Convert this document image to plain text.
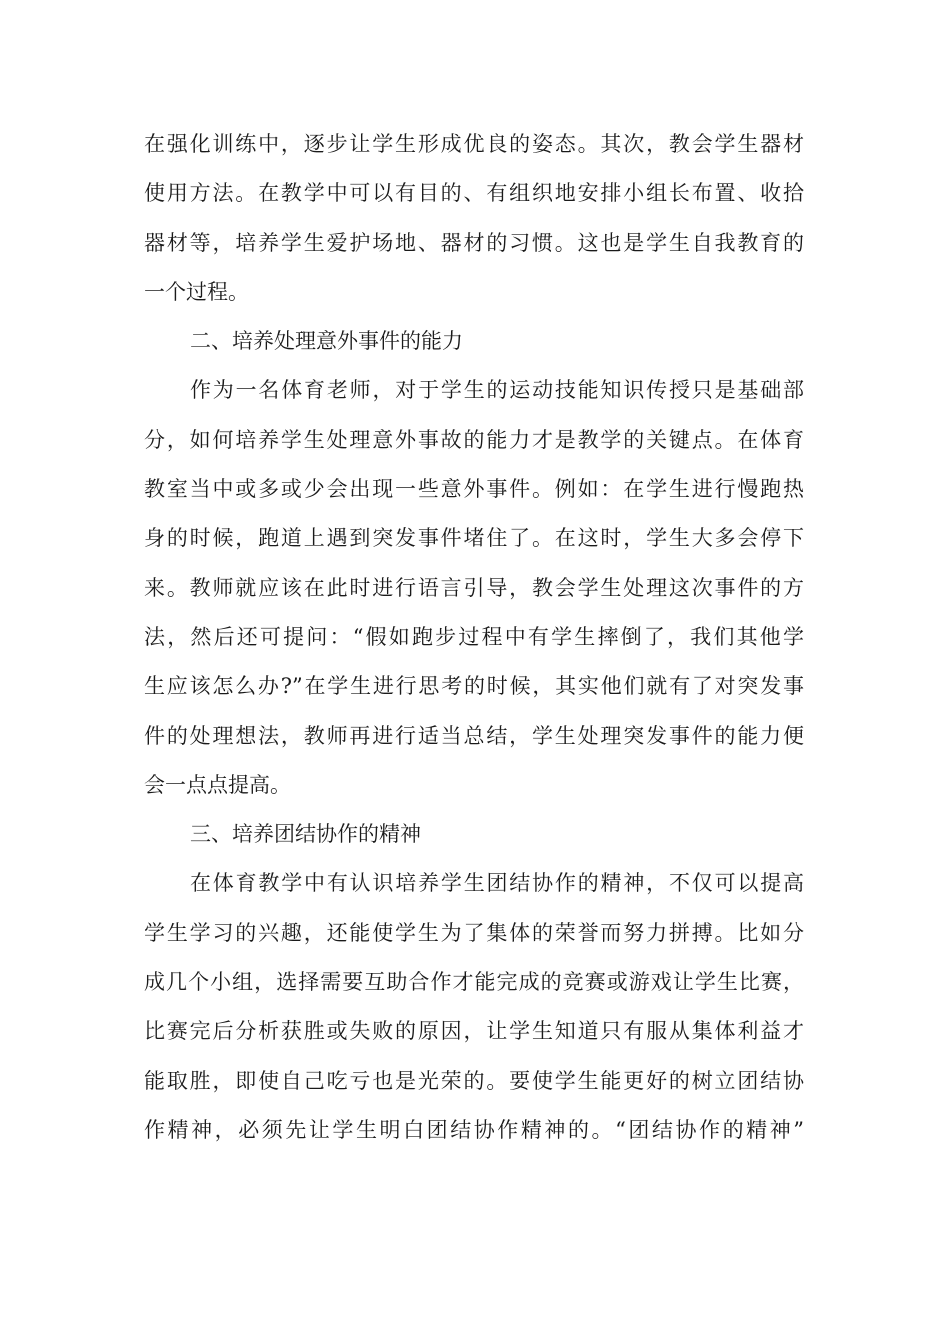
在强化训练中，逐步让学生形成优良的姿态。其次，教会学生器材
使用方法。在教学中可以有目的、有组织地安排小组长布置、收拾
器材等，培养学生爱护场地、器材的习惯。这也是学生自我教育的
一个过程。
二、培养处理意外事件的能力
作为一名体育老师，对于学生的运动技能知识传授只是基础部
分，如何培养学生处理意外事故的能力才是教学的关键点。在体育
教室当中或多或少会出现一些意外事件。例如：在学生进行慢跑热
身的时候，跑道上遇到突发事件堵住了。在这时，学生大多会停下
来。教师就应该在此时进行语言引导，教会学生处理这次事件的方
法，然后还可提问：“假如跑步过程中有学生摔倒了，我们其他学
生应该怎么办?”在学生进行思考的时候，其实他们就有了对突发事
件的处理想法，教师再进行适当总结，学生处理突发事件的能力便
会一点点提高。
三、培养团结协作的精神
在体育教学中有认识培养学生团结协作的精神，不仅可以提高
学生学习的兴趣，还能使学生为了集体的荣誉而努力拼搏。比如分
成几个小组，选择需要互助合作才能完成的竞赛或游戏让学生比赛，
比赛完后分析获胜或失败的原因，让学生知道只有服从集体利益才
能取胜，即使自己吃亏也是光荣的。要使学生能更好的树立团结协
作精神，必须先让学生明白团结协作精神的。“团结协作的精神”
